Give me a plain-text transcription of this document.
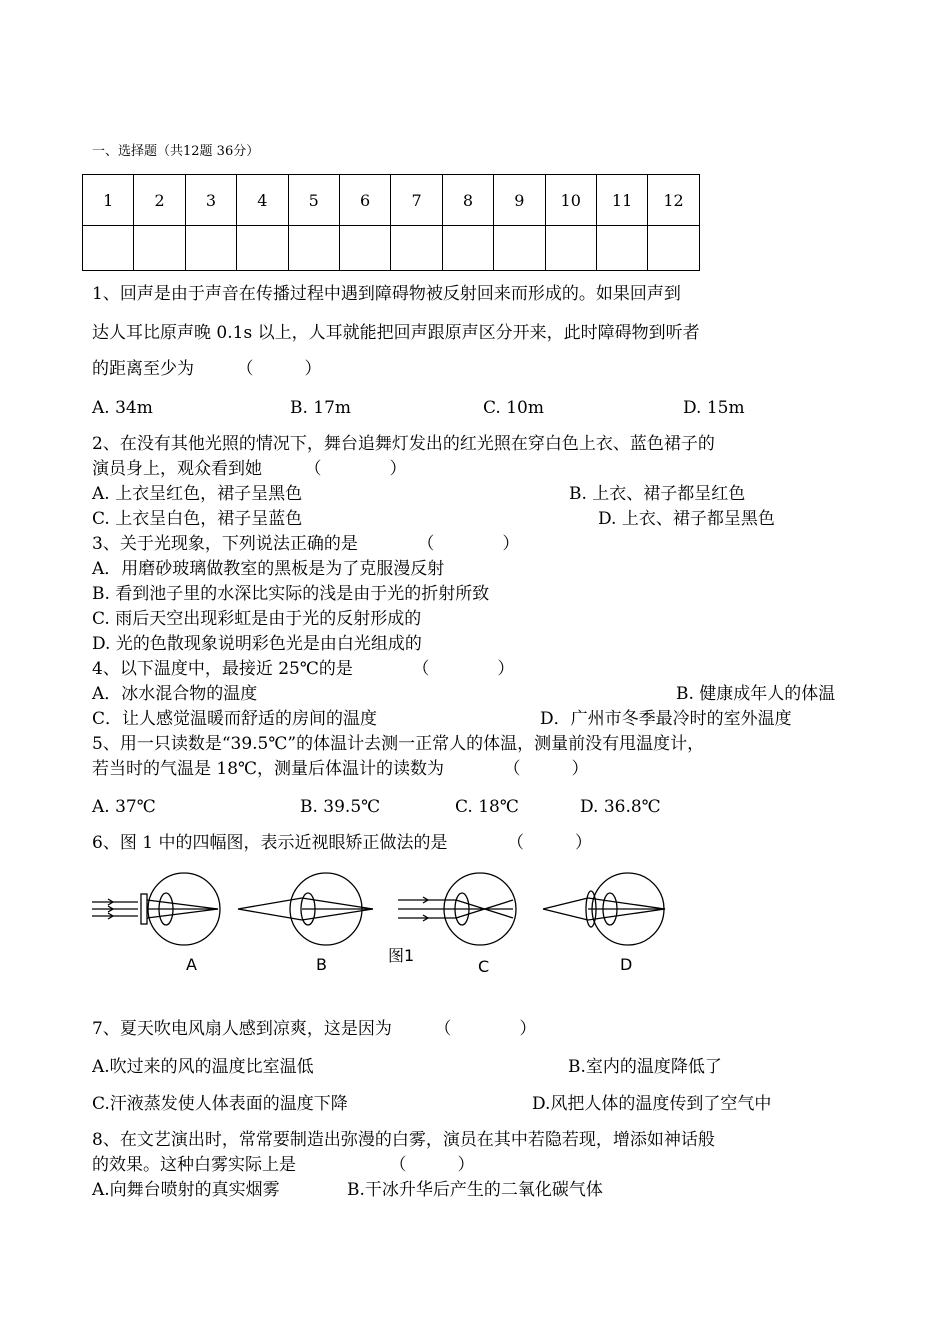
一、选择题（共12题 36分）
1	2	3	4	5	6	7	8	9	10	11	12

1、回声是由于声音在传播过程中遇到障碍物被反射回来而形成的。如果回声到
达人耳比原声晚 0.1s 以上，人耳就能把回声跟原声区分开来，此时障碍物到听者
的距离至少为　　　（　　　）
A. 34m	B. 17m	C. 10m	D. 15m
2、在没有其他光照的情况下，舞台追舞灯发出的红光照在穿白色上衣、蓝色裙子的
演员身上，观众看到她　　　（　　　　）
A. 上衣呈红色，裙子呈黑色	B. 上衣、裙子都呈红色
C. 上衣呈白色，裙子呈蓝色	D. 上衣、裙子都呈黑色
3、关于光现象，下列说法正确的是　　　　（　　　　）
A．用磨砂玻璃做教室的黑板是为了克服漫反射
B. 看到池子里的水深比实际的浅是由于光的折射所致
C. 雨后天空出现彩虹是由于光的反射形成的
D. 光的色散现象说明彩色光是由白光组成的
4、以下温度中，最接近 25℃的是　　　　（　　　　）
A．冰水混合物的温度	B. 健康成年人的体温
C．让人感觉温暖而舒适的房间的温度	D．广州市冬季最冷时的室外温度
5、用一只读数是“39.5℃”的体温计去测一正常人的体温，测量前没有甩温度计，
若当时的气温是 18℃，测量后体温计的读数为　　　　（　　　）
A. 37℃	B. 39.5℃	C. 18℃	D. 36.8℃
6、图 1 中的四幅图，表示近视眼矫正做法的是　　　　（　　　）
A	B	图1
C	D
7、夏天吹电风扇人感到凉爽，这是因为　　　（　　　　）
A.吹过来的风的温度比室温低	B.室内的温度降低了
C.汗液蒸发使人体表面的温度下降	D.风把人体的温度传到了空气中
8、在文艺演出时，常常要制造出弥漫的白雾，演员在其中若隐若现，增添如神话般
的效果。这种白雾实际上是　　　　　　（　　　）
A.向舞台喷射的真实烟雾	B.干冰升华后产生的二氧化碳气体
